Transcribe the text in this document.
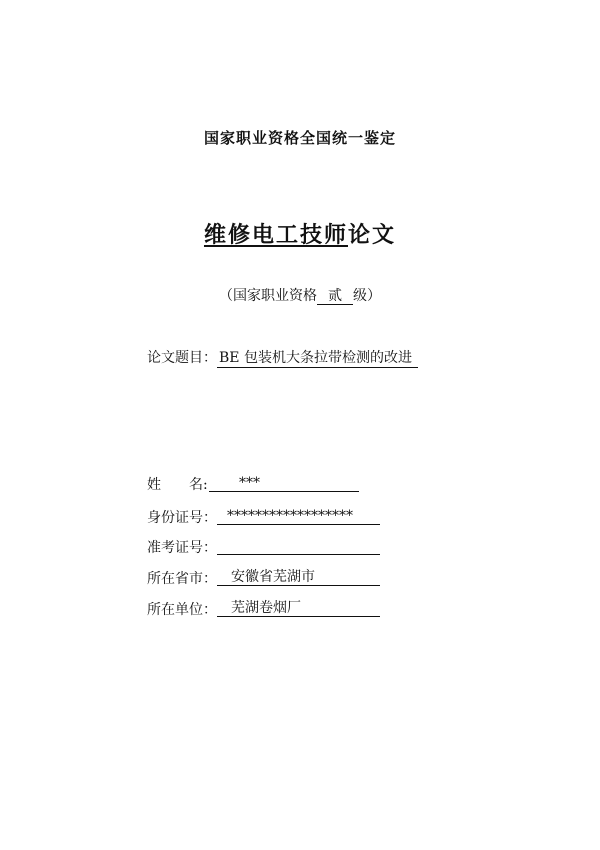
国家职业资格全国统一鉴定
维修电工技师论文
（国家职业资格 贰 级）
论文题目： BE 包装机大条拉带检测的改进
姓　　名:	***
身份证号： ******************
准考证号：
所在省市：	安徽省芜湖市
所在单位：	芜湖卷烟厂
